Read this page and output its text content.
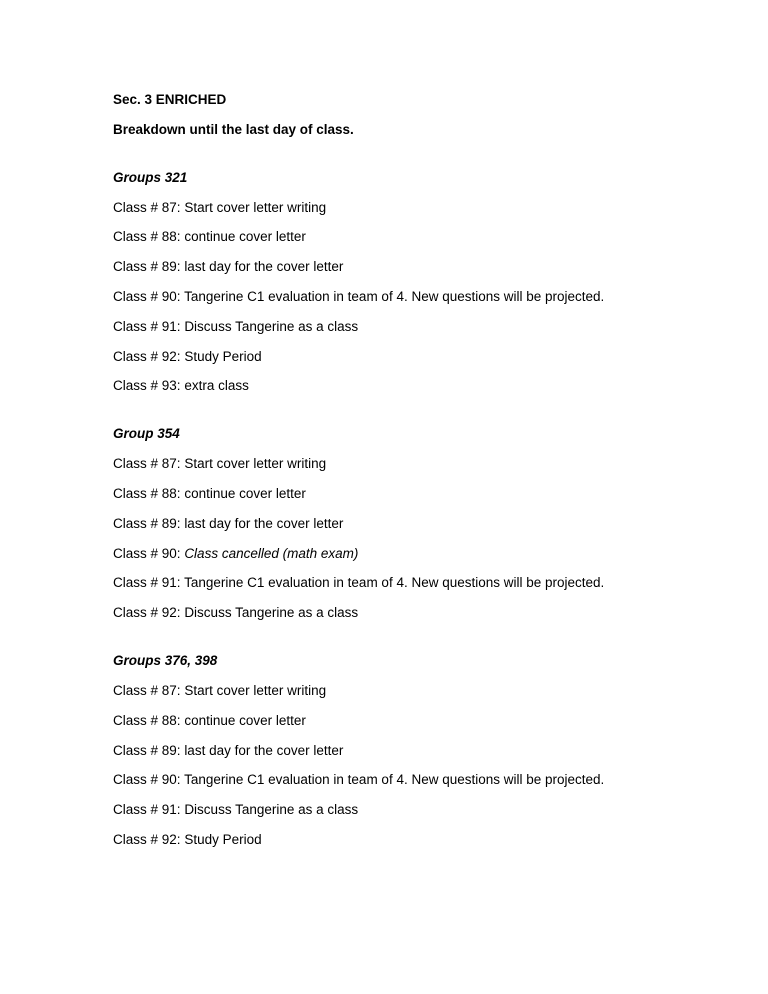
Sec. 3 ENRICHED
Breakdown until the last day of class.
Groups 321
Class # 87: Start cover letter writing
Class # 88: continue cover letter
Class # 89: last day for the cover letter
Class # 90: Tangerine C1 evaluation in team of 4. New questions will be projected.
Class # 91: Discuss Tangerine as a class
Class # 92: Study Period
Class # 93: extra class
Group 354
Class # 87: Start cover letter writing
Class # 88: continue cover letter
Class # 89: last day for the cover letter
Class # 90: Class cancelled (math exam)
Class # 91: Tangerine C1 evaluation in team of 4. New questions will be projected.
Class # 92: Discuss Tangerine as a class
Groups 376, 398
Class # 87: Start cover letter writing
Class # 88: continue cover letter
Class # 89: last day for the cover letter
Class # 90: Tangerine C1 evaluation in team of 4. New questions will be projected.
Class # 91: Discuss Tangerine as a class
Class # 92: Study Period
